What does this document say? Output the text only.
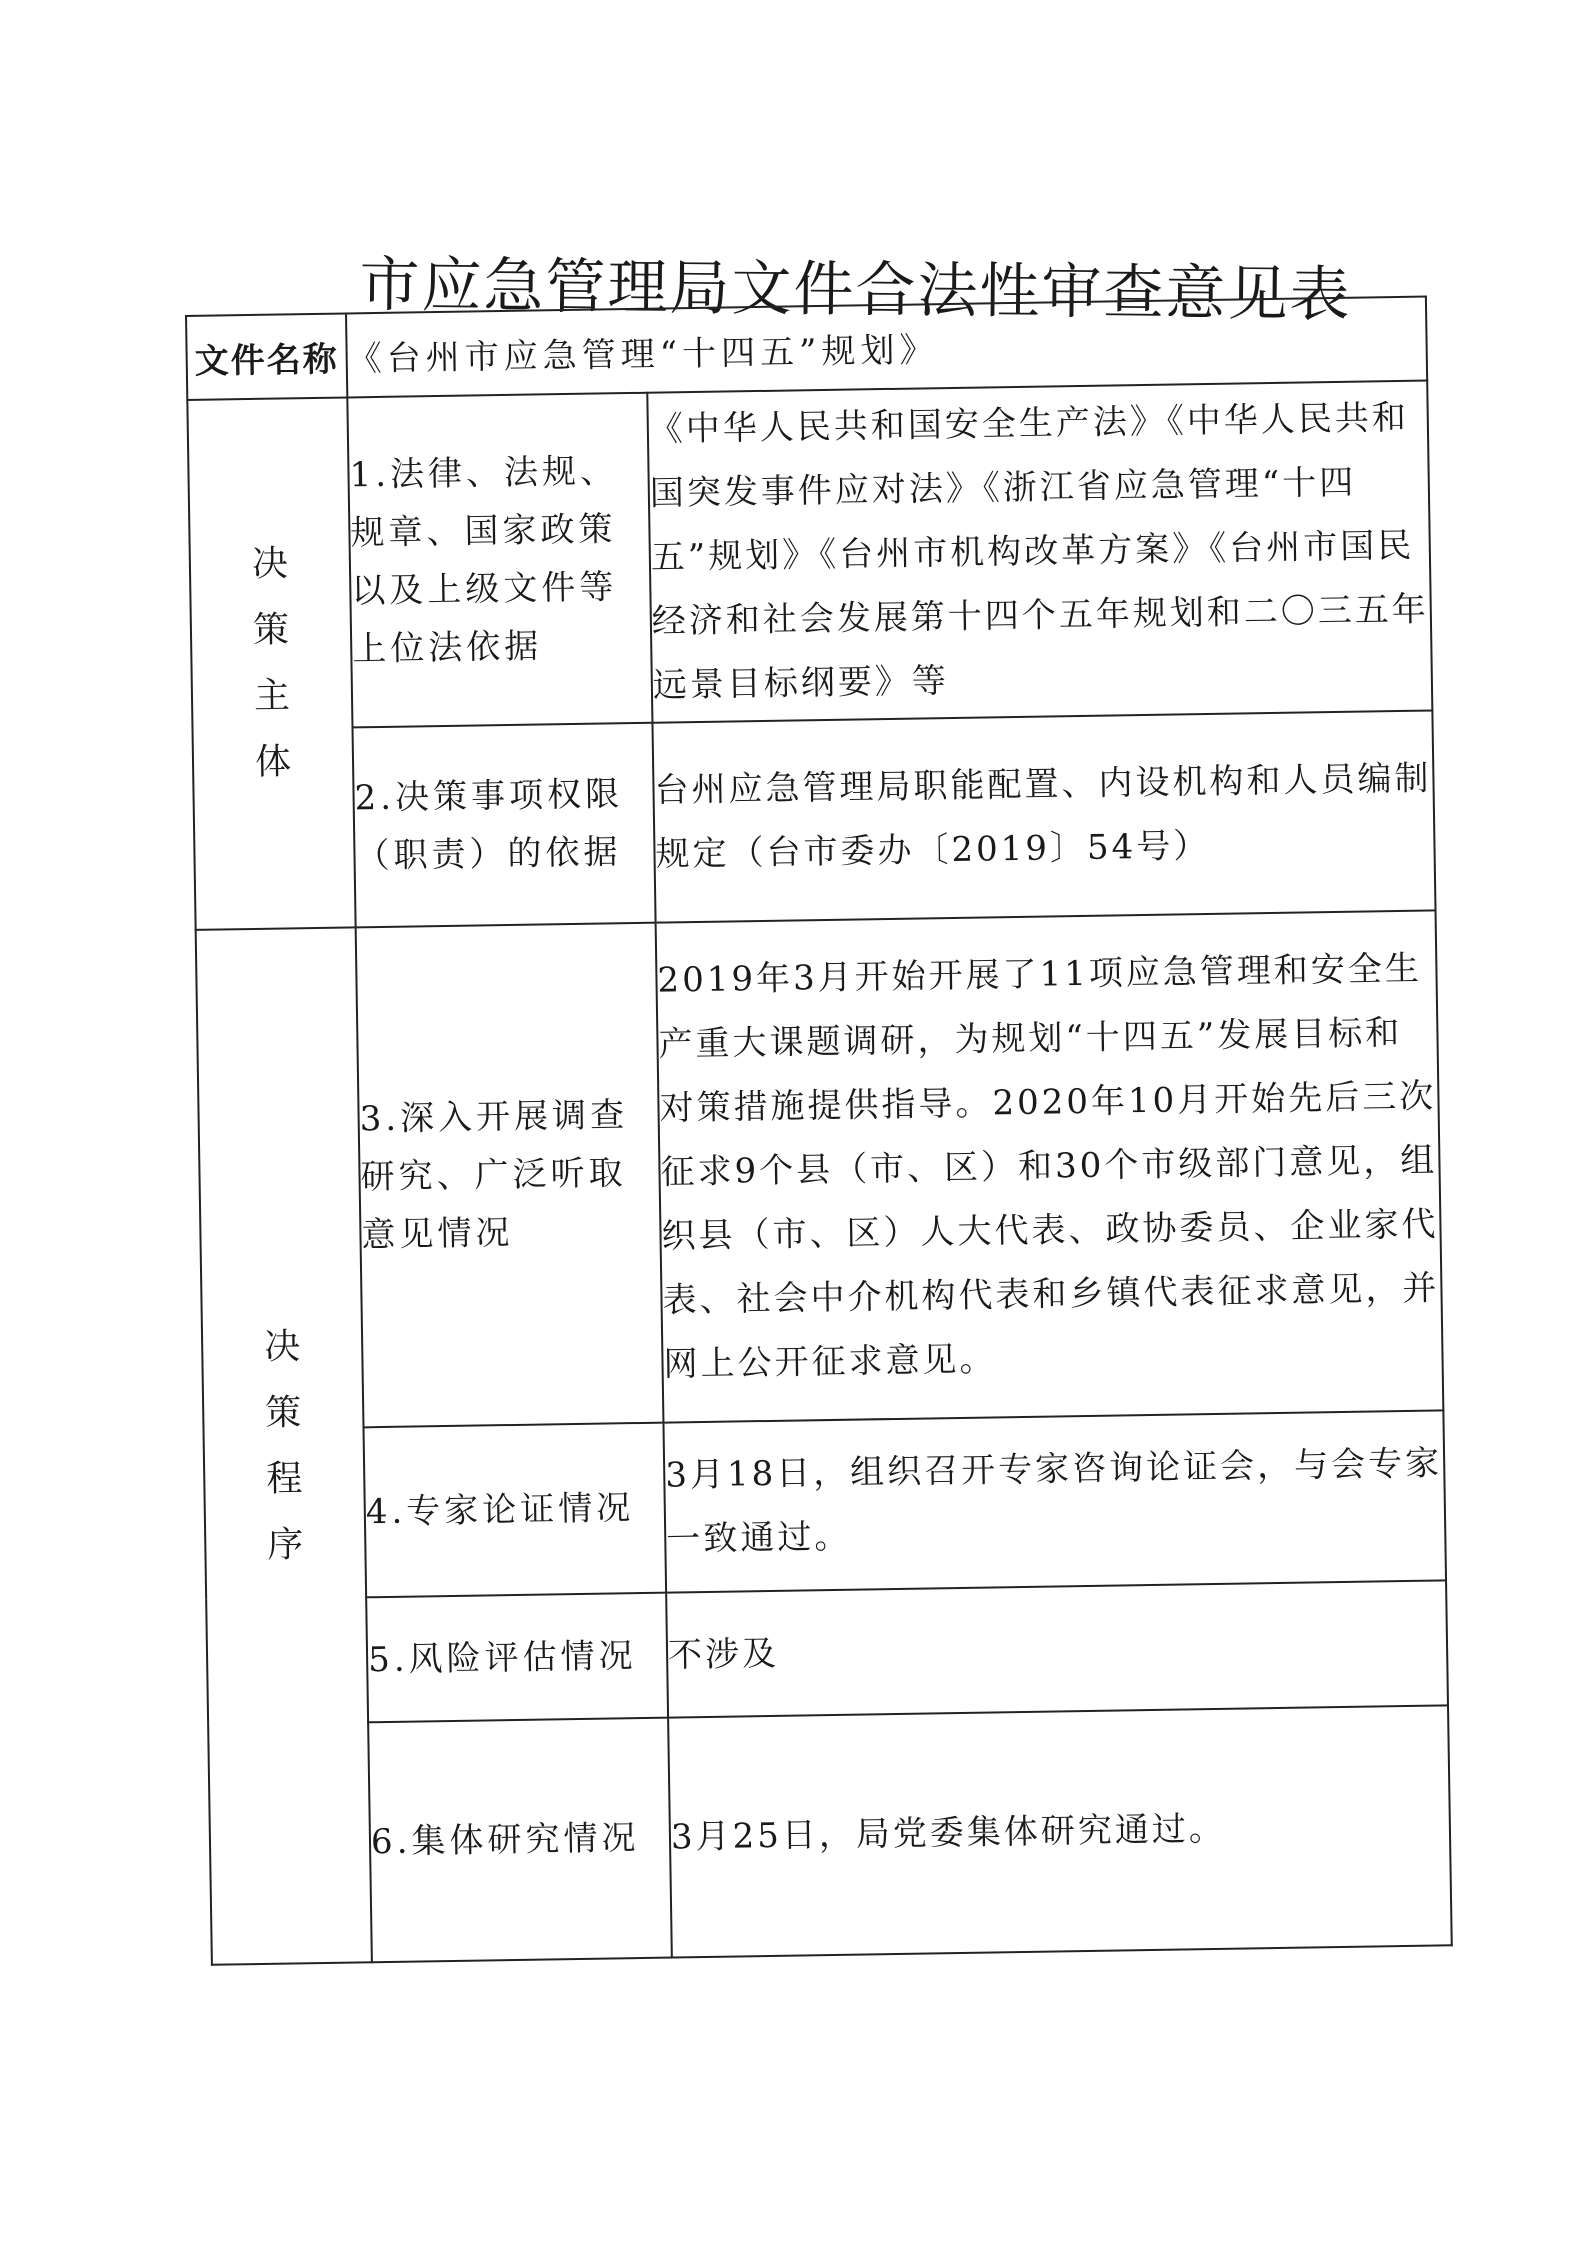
市应急管理局文件合法性审查意见表
文件名称	《台州市应急管理“十四五”规划》	

决
策
主
体	1.法律、法规、规章、国家政策以及上级文件等上位法依据	《中华人民共和国安全生产法》《中华人民共和国突发事件应对法》《浙江省应急管理“十四五”规划》《台州市机构改革方案》《台州市国民经济和社会发展第十四个五年规划和二〇三五年远景目标纲要》等
	2.决策事项权限（职责）的依据	台州应急管理局职能配置、内设机构和人员编制规定（台市委办〔2019〕54号）

决
策
程
序	3.深入开展调查研究、广泛听取意见情况	2019年3月开始开展了11项应急管理和安全生产重大课题调研，为规划“十四五”发展目标和对策措施提供指导。2020年10月开始先后三次征求9个县（市、区）和30个市级部门意见，组织县（市、区）人大代表、政协委员、企业家代表、社会中介机构代表和乡镇代表征求意见，并网上公开征求意见。
	4.专家论证情况	3月18日，组织召开专家咨询论证会，与会专家一致通过。
	5.风险评估情况	不涉及
	6.集体研究情况	3月25日，局党委集体研究通过。
